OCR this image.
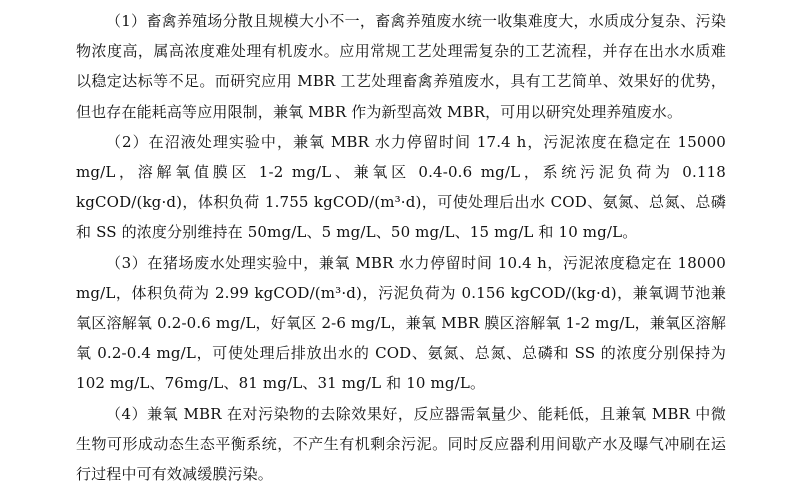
（1）畜禽养殖场分散且规模大小不一，畜禽养殖废水统一收集难度大，水质成分复杂、污染物浓度高，属高浓度难处理有机废水。应用常规工艺处理需复杂的工艺流程，并存在出水水质难以稳定达标等不足。而研究应用 MBR 工艺处理畜禽养殖废水，具有工艺简单、效果好的优势，但也存在能耗高等应用限制，兼氧 MBR 作为新型高效 MBR，可用以研究处理养殖废水。

（2）在沼液处理实验中，兼氧 MBR 水力停留时间 17.4 h，污泥浓度在稳定在 15000 mg/L，溶解氧值膜区 1-2 mg/L、兼氧区 0.4-0.6 mg/L，系统污泥负荷为 0.118 kgCOD/(kg·d)，体积负荷 1.755 kgCOD/(m³·d)，可使处理后出水 COD、氨氮、总氮、总磷和 SS 的浓度分别维持在 50mg/L、5 mg/L、50 mg/L、15 mg/L 和 10 mg/L。

（3）在猪场废水处理实验中，兼氧 MBR 水力停留时间 10.4 h，污泥浓度稳定在 18000 mg/L，体积负荷为 2.99 kgCOD/(m³·d)，污泥负荷为 0.156 kgCOD/(kg·d)，兼氧调节池兼氧区溶解氧 0.2-0.6 mg/L，好氧区 2-6 mg/L，兼氧 MBR 膜区溶解氧 1-2 mg/L，兼氧区溶解氧 0.2-0.4 mg/L，可使处理后排放出水的 COD、氨氮、总氮、总磷和 SS 的浓度分别保持为 102 mg/L、76mg/L、81 mg/L、31 mg/L 和 10 mg/L。

（4）兼氧 MBR 在对污染物的去除效果好，反应器需氧量少、能耗低，且兼氧 MBR 中微生物可形成动态生态平衡系统，不产生有机剩余污泥。同时反应器利用间歇产水及曝气冲刷在运行过程中可有效减缓膜污染。
